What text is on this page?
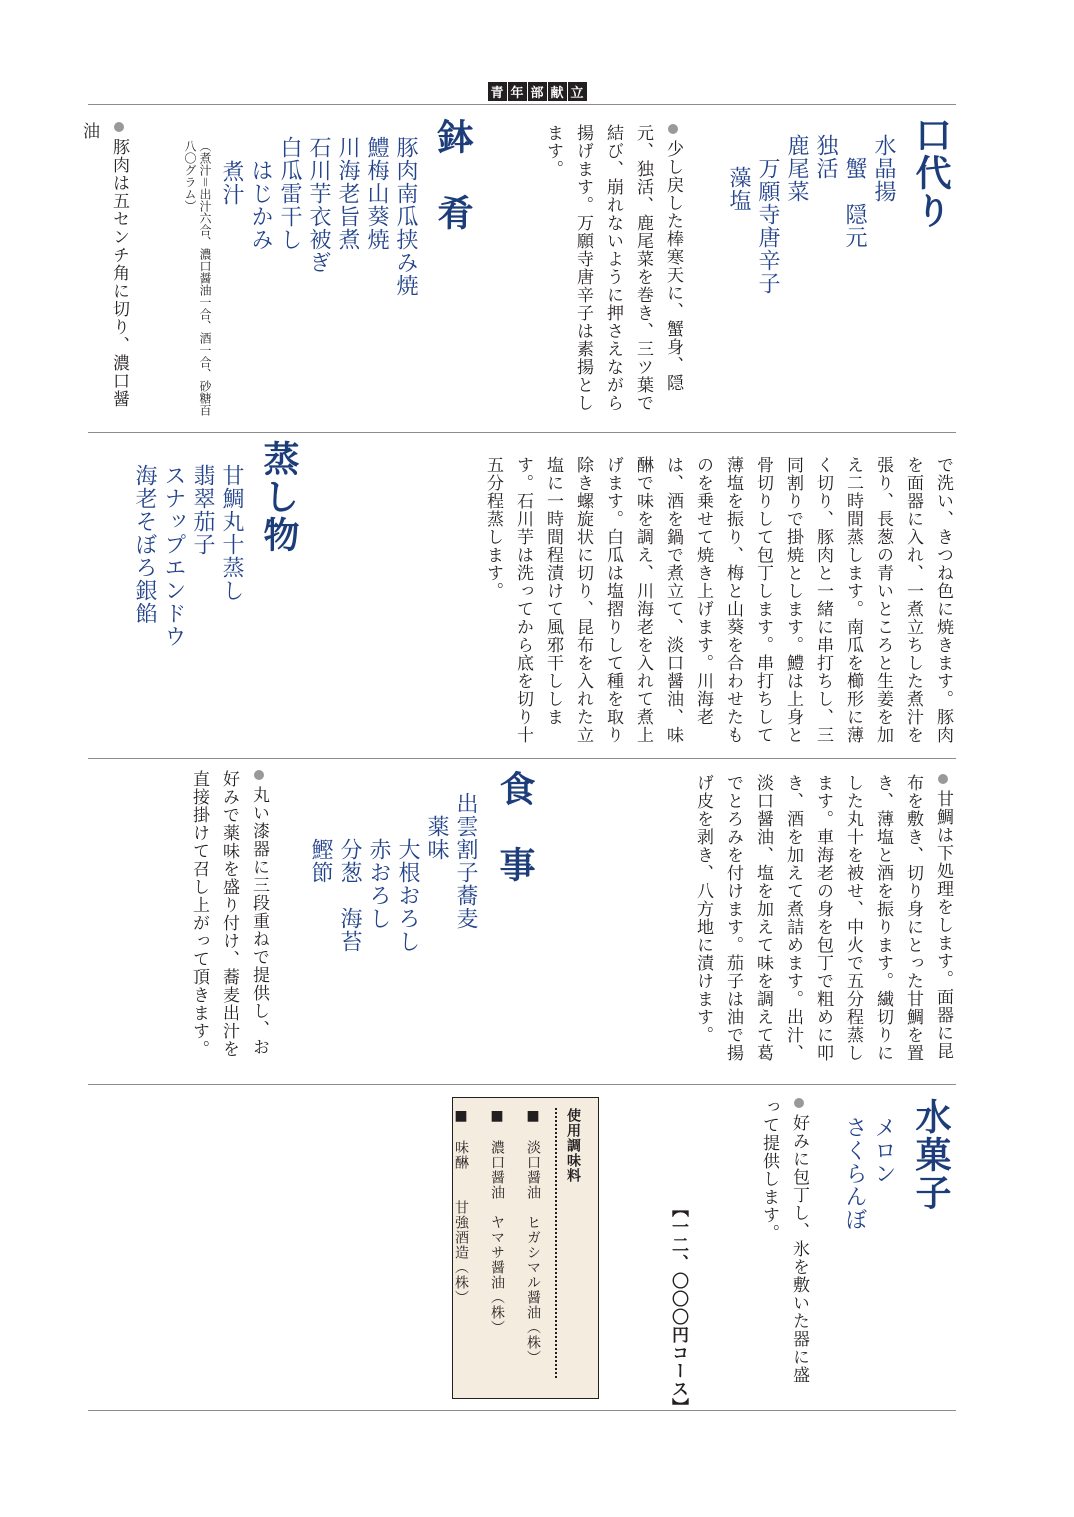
青 年 部 献 立
口代り
水晶揚
　蟹　隠元
独活
鹿尾菜
　万願寺唐辛子
藻塩
少し戻した棒寒天に、蟹身、隠元、独活、鹿尾菜を巻き、三ツ葉で結び、崩れないように押さえながら揚げます。万願寺唐辛子は素揚とします。
鉢　肴
豚肉南瓜挟み焼
鱧梅山葵焼
川海老旨煮
石川芋衣被ぎ
白瓜雷干し
　はじかみ
煮汁
（煮汁＝出汁六合、濃口醤油一合、酒一合、砂糖百八〇グラム）
豚肉は五センチ角に切り、濃口醤油
で洗い、きつね色に焼きます。豚肉を面器に入れ、一煮立ちした煮汁を張り、長葱の青いところと生姜を加え二時間蒸します。南瓜を櫛形に薄く切り、豚肉と一緒に串打ちし、三同割りで掛焼とします。鱧は上身と骨切りして包丁します。串打ちして薄塩を振り、梅と山葵を合わせたものを乗せて焼き上げます。川海老は、酒を鍋で煮立て、淡口醤油、味醂で味を調え、川海老を入れて煮上げます。白瓜は塩摺りして種を取り除き螺旋状に切り、昆布を入れた立塩に一時間程漬けて風邪干しします。石川芋は洗ってから底を切り十五分程蒸します。
蒸し物
甘鯛丸十蒸し
翡翠茄子
スナップエンドウ
海老そぼろ銀餡
甘鯛は下処理をします。面器に昆布を敷き、切り身にとった甘鯛を置き、薄塩と酒を振ります。繊切りにした丸十を被せ、中火で五分程蒸します。車海老の身を包丁で粗めに叩き、酒を加えて煮詰めます。出汁、淡口醤油、塩を加えて味を調えて葛でとろみを付けます。茄子は油で揚げ皮を剥き、八方地に漬けます。
食　事
出雲割子蕎麦
　薬味
　　大根おろし
　　赤おろし
　　分葱　海苔
　　鰹節
丸い漆器に三段重ねで提供し、お好みで薬味を盛り付け、蕎麦出汁を直接掛けて召し上がって頂きます。
水菓子
メロン
さくらんぼ
好みに包丁し、氷を敷いた器に盛って提供します。
【一二、〇〇〇円コース】
使用調味料
■　淡口醤油　ヒガシマル醤油（株）
■　濃口醤油　ヤマサ醤油（株）
■　味醂　　甘強酒造（株）
